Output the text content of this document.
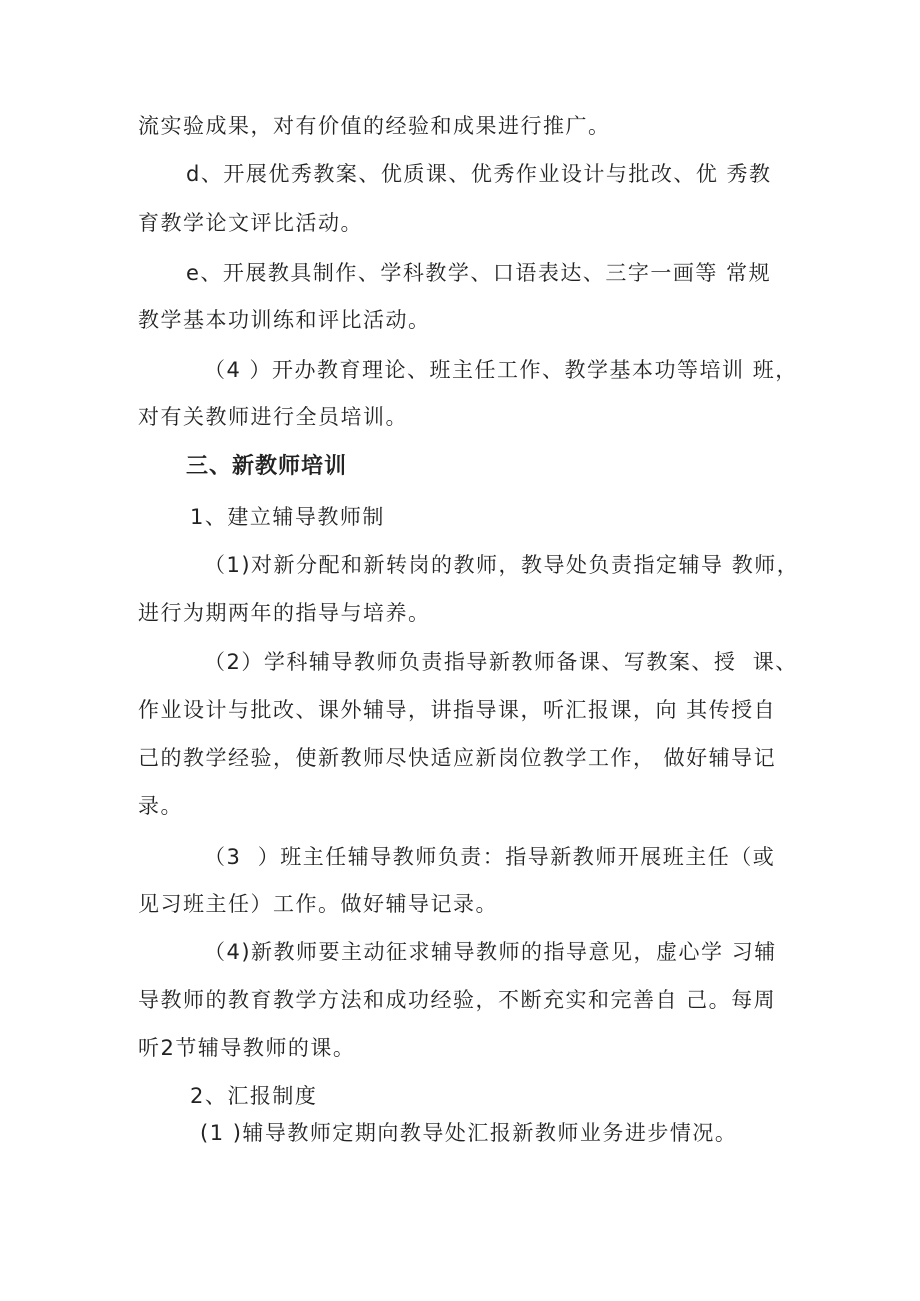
流实验成果，对有价值的经验和成果进行推广。

d、开展优秀教案、优质课、优秀作业设计与批改、优 秀教

育教学论文评比活动。

e、开展教具制作、学科教学、口语表达、三字一画等 常规

教学基本功训练和评比活动。

（4 ）开办教育理论、班主任工作、教学基本功等培训 班，

对有关教师进行全员培训。

三、新教师培训

1、建立辅导教师制

（1)对新分配和新转岗的教师，教导处负责指定辅导 教师，

进行为期两年的指导与培养。

（2）学科辅导教师负责指导新教师备课、写教案、授  课、

作业设计与批改、课外辅导，讲指导课，听汇报课，向 其传授自

己的教学经验，使新教师尽快适应新岗位教学工作， 做好辅导记

录。

（3  ）班主任辅导教师负责：指导新教师开展班主任（或

见习班主任）工作。做好辅导记录。

（4)新教师要主动征求辅导教师的指导意见，虚心学 习辅

导教师的教育教学方法和成功经验，不断充实和完善自 己。每周

听2节辅导教师的课。

2、汇报制度

(1 )辅导教师定期向教导处汇报新教师业务进步情况。
